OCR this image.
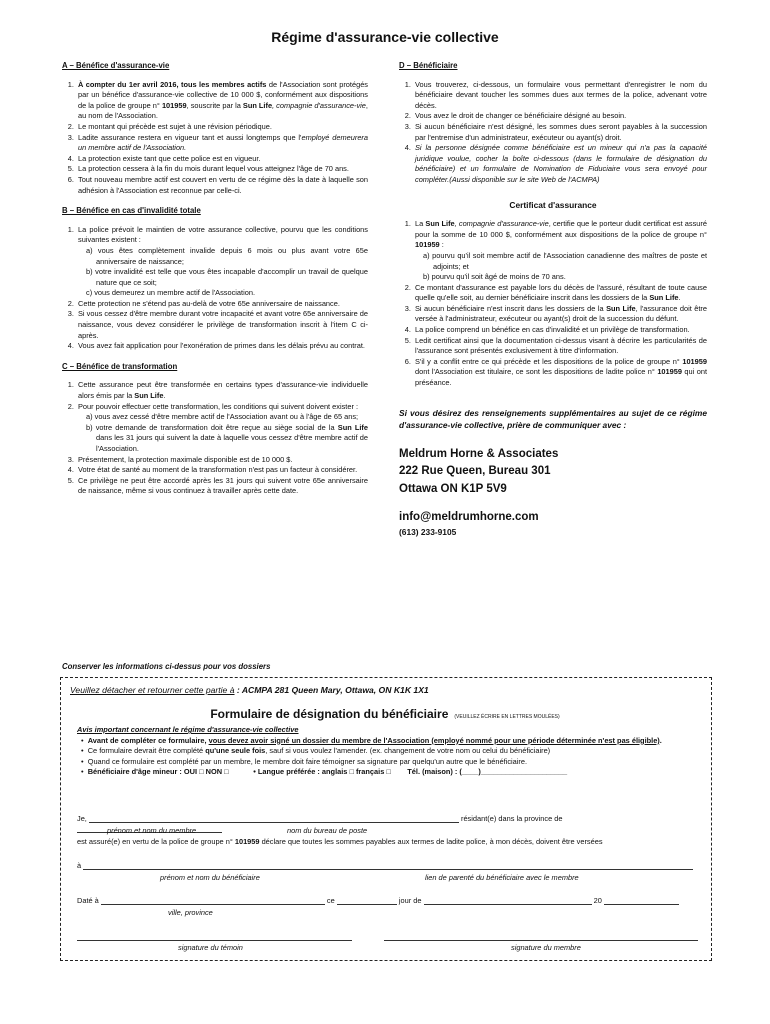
Régime d'assurance-vie collective
A – Bénéfice d'assurance-vie
1. À compter du 1er avril 2016, tous les membres actifs de l'Association sont protégés par un bénéfice d'assurance-vie collective de 10 000 $, conformément aux dispositions de la police de groupe n° 101959, souscrite par la Sun Life, compagnie d'assurance-vie, au nom de l'Association.
2. Le montant qui précède est sujet à une révision périodique.
3. Ladite assurance restera en vigueur tant et aussi longtemps que l'employé demeurera un membre actif de l'Association.
4. La protection existe tant que cette police est en vigueur.
5. La protection cessera à la fin du mois durant lequel vous atteignez l'âge de 70 ans.
6. Tout nouveau membre actif est couvert en vertu de ce régime dès la date à laquelle son adhésion à l'Association est reconnue par celle-ci.
B – Bénéfice en cas d'invalidité totale
1. La police prévoit le maintien de votre assurance collective, pourvu que les conditions suivantes existent :
a) vous êtes complètement invalide depuis 6 mois ou plus avant votre 65e anniversaire de naissance;
b) votre invalidité est telle que vous êtes incapable d'accomplir un travail de quelque nature que ce soit;
c) vous demeurez un membre actif de l'Association.
2. Cette protection ne s'étend pas au-delà de votre 65e anniversaire de naissance.
3. Si vous cessez d'être membre durant votre incapacité et avant votre 65e anniversaire de naissance, vous devez considérer le privilège de transformation inscrit à l'item C ci-après.
4. Vous avez fait application pour l'exonération de primes dans les délais prévu au contrat.
C – Bénéfice de transformation
1. Cette assurance peut être transformée en certains types d'assurance-vie individuelle alors émis par la Sun Life.
2. Pour pouvoir effectuer cette transformation, les conditions qui suivent doivent exister :
a) vous avez cessé d'être membre actif de l'Association avant ou à l'âge de 65 ans;
b) votre demande de transformation doit être reçue au siège social de la Sun Life dans les 31 jours qui suivent la date à laquelle vous cessez d'être membre actif de l'Association.
3. Présentement, la protection maximale disponible est de 10 000 $.
4. Votre état de santé au moment de la transformation n'est pas un facteur à considérer.
5. Ce privilège ne peut être accordé après les 31 jours qui suivent votre 65e anniversaire de naissance, même si vous continuez à travailler après cette date.
D – Bénéficiaire
1. Vous trouverez, ci-dessous, un formulaire vous permettant d'enregistrer le nom du bénéficiaire devant toucher les sommes dues aux termes de la police, advenant votre décès.
2. Vous avez le droit de changer ce bénéficiaire désigné au besoin.
3. Si aucun bénéficiaire n'est désigné, les sommes dues seront payables à la succession par l'entremise d'un administrateur, exécuteur ou ayant(s) droit.
4. Si la personne désignée comme bénéficiaire est un mineur qui n'a pas la capacité juridique voulue, cocher la boîte ci-dessous (dans le formulaire de désignation du bénéficiaire) et un formulaire de Nomination de Fiduciaire vous sera envoyé pour compléter.(Aussi disponible sur le site Web de l'ACMPA)
Certificat d'assurance
1. La Sun Life, compagnie d'assurance-vie, certifie que le porteur dudit certificat est assuré pour la somme de 10 000 $, conformément aux dispositions de la police de groupe n° 101959 :
a) pourvu qu'il soit membre actif de l'Association canadienne des maîtres de poste et adjoints; et
b) pourvu qu'il soit âgé de moins de 70 ans.
2. Ce montant d'assurance est payable lors du décès de l'assuré, résultant de toute cause quelle qu'elle soit, au dernier bénéficiaire inscrit dans les dossiers de la Sun Life.
3. Si aucun bénéficiaire n'est inscrit dans les dossiers de la Sun Life, l'assurance doit être versée à l'administrateur, exécuteur ou ayant(s) droit de la succession du défunt.
4. La police comprend un bénéfice en cas d'invalidité et un privilège de transformation.
5. Ledit certificat ainsi que la documentation ci-dessus visant à décrire les particularités de l'assurance sont présentés exclusivement à titre d'information.
6. S'il y a conflit entre ce qui précède et les dispositions de la police de groupe n° 101959 dont l'Association est titulaire, ce sont les dispositions de ladite police n° 101959 qui ont préséance.
Si vous désirez des renseignements supplémentaires au sujet de ce régime d'assurance-vie collective, prière de communiquer avec :
Meldrum Horne & Associates
222 Rue Queen, Bureau 301
Ottawa ON K1P 5V9
info@meldrumhorne.com
(613) 233-9105
Conserver les informations ci-dessus pour vos dossiers
Veuillez détacher et retourner cette partie à : ACMPA 281 Queen Mary, Ottawa, ON K1K 1X1
Formulaire de désignation du bénéficiaire (VEUILLEZ ÉCRIRE EN LETTRES MOULÉES)
Avis important concernant le régime d'assurance-vie collective
•  Avant de compléter ce formulaire, vous devez avoir signé un dossier du membre de l'Association (employé nommé pour une période déterminée n'est pas éligible).
•  Ce formulaire devrait être complété qu'une seule fois, sauf si vous voulez l'amender. (ex. changement de votre nom ou celui du bénéficiaire)
•  Quand ce formulaire est complété par un membre, le membre doit faire témoigner sa signature par quelqu'un autre que le bénéficiaire.
•  Bénéficiaire d'âge mineur : OUI □ NON □	• Langue préférée : anglais □ français □ Tél. (maison) : (____)_____________________
Je,	résidant(e) dans la province de
prénom et nom du membre	nom du bureau de poste
est assuré(e) en vertu de la police de groupe n° 101959 déclare que toutes les sommes payables aux termes de ladite police, à mon décès, doivent être versées
à
prénom et nom du bénéficiaire	lien de parenté du bénéficiaire avec le membre
Daté à	ce	jour de	20
ville, province
signature du témoin	signature du membre
